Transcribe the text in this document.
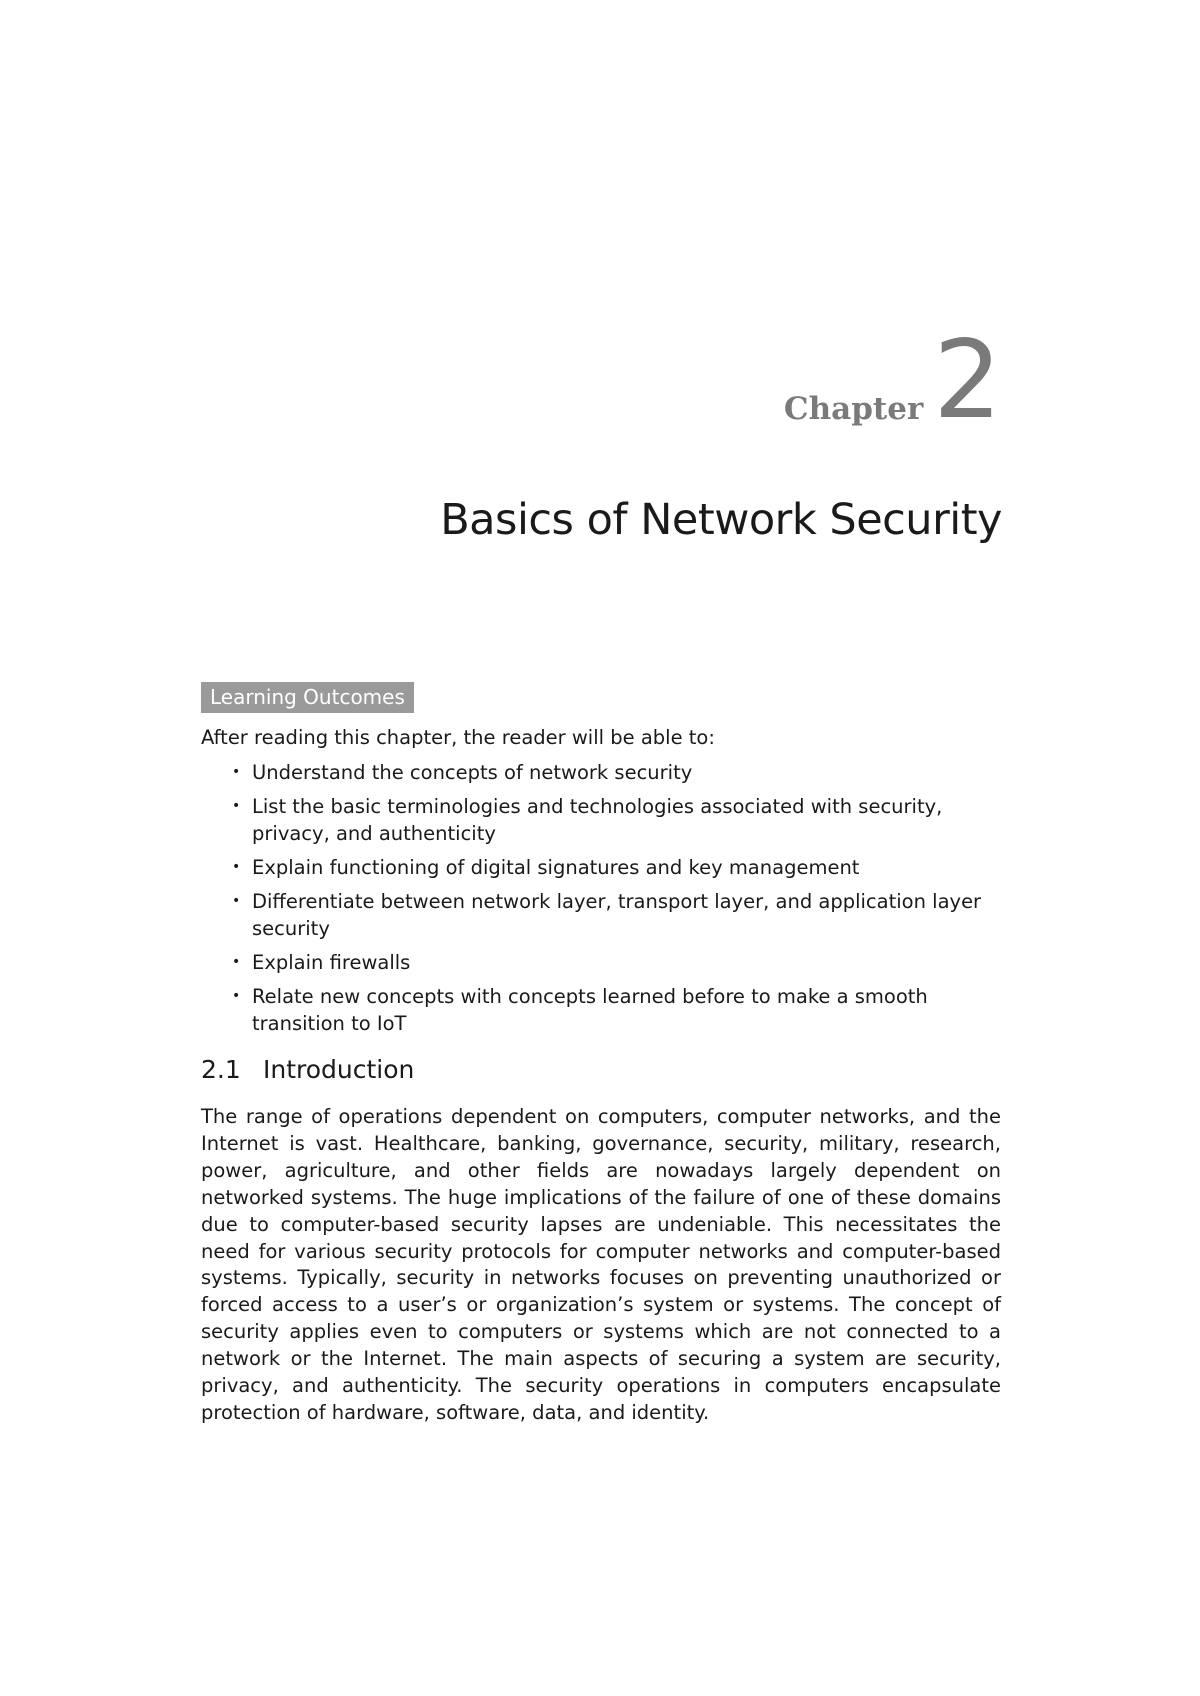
Chapter 2
Basics of Network Security
Learning Outcomes

After reading this chapter, the reader will be able to:

• Understand the concepts of network security
• List the basic terminologies and technologies associated with security, privacy, and authenticity
• Explain functioning of digital signatures and key management
• Differentiate between network layer, transport layer, and application layer security
• Explain firewalls
• Relate new concepts with concepts learned before to make a smooth transition to IoT
2.1 Introduction

The range of operations dependent on computers, computer networks, and the Internet is vast. Healthcare, banking, governance, security, military, research, power, agriculture, and other fields are nowadays largely dependent on networked systems. The huge implications of the failure of one of these domains due to computer-based security lapses are undeniable. This necessitates the need for various security protocols for computer networks and computer-based systems. Typically, security in networks focuses on preventing unauthorized or forced access to a user’s or organization’s system or systems. The concept of security applies even to computers or systems which are not connected to a network or the Internet. The main aspects of securing a system are security, privacy, and authenticity. The security operations in computers encapsulate protection of hardware, software, data, and identity.
